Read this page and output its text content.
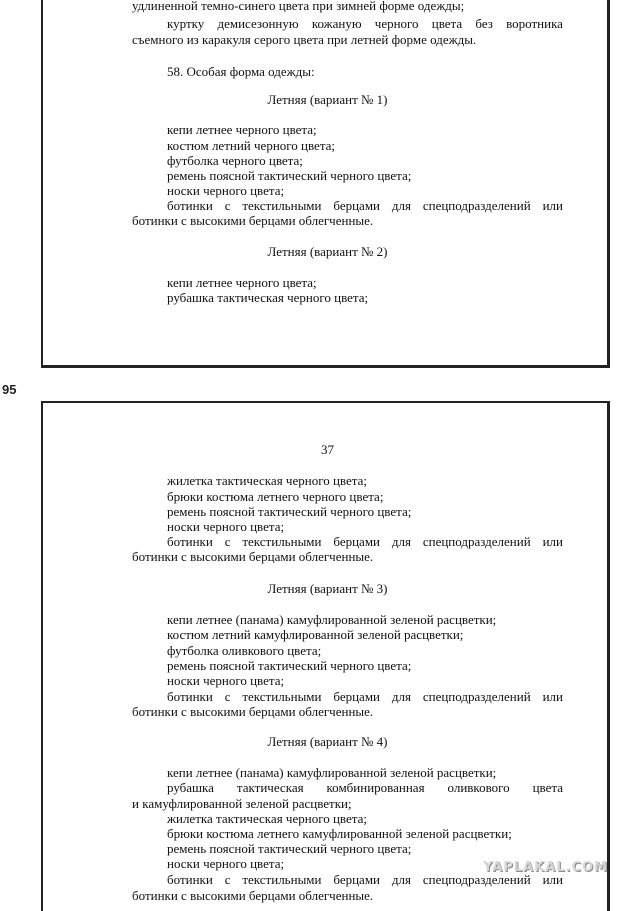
удлиненной темно-синего цвета при зимней форме одежды;
куртку демисезонную кожаную черного цвета без воротника
съемного из каракуля серого цвета при летней форме одежды.
58. Особая форма одежды:
Летняя (вариант № 1)
кепи летнее черного цвета;
костюм летний черного цвета;
футболка черного цвета;
ремень поясной тактический черного цвета;
носки черного цвета;
ботинки с текстильными берцами для спецподразделений или
ботинки с высокими берцами облегченные.
Летняя (вариант № 2)
кепи летнее черного цвета;
рубашка тактическая черного цвета;
95
37
жилетка тактическая черного цвета;
брюки костюма летнего черного цвета;
ремень поясной тактический черного цвета;
носки черного цвета;
ботинки с текстильными берцами для спецподразделений или
ботинки с высокими берцами облегченные.
Летняя (вариант № 3)
кепи летнее (панама) камуфлированной зеленой расцветки;
костюм летний камуфлированной зеленой расцветки;
футболка оливкового цвета;
ремень поясной тактический черного цвета;
носки черного цвета;
ботинки с текстильными берцами для спецподразделений или
ботинки с высокими берцами облегченные.
Летняя (вариант № 4)
кепи летнее (панама) камуфлированной зеленой расцветки;
рубашка тактическая комбинированная оливкового цвета
и камуфлированной зеленой расцветки;
жилетка тактическая черного цвета;
брюки костюма летнего камуфлированной зеленой расцветки;
ремень поясной тактический черного цвета;
носки черного цвета;
ботинки с текстильными берцами для спецподразделений или
ботинки с высокими берцами облегченные.
YAPLAKAL.COM
